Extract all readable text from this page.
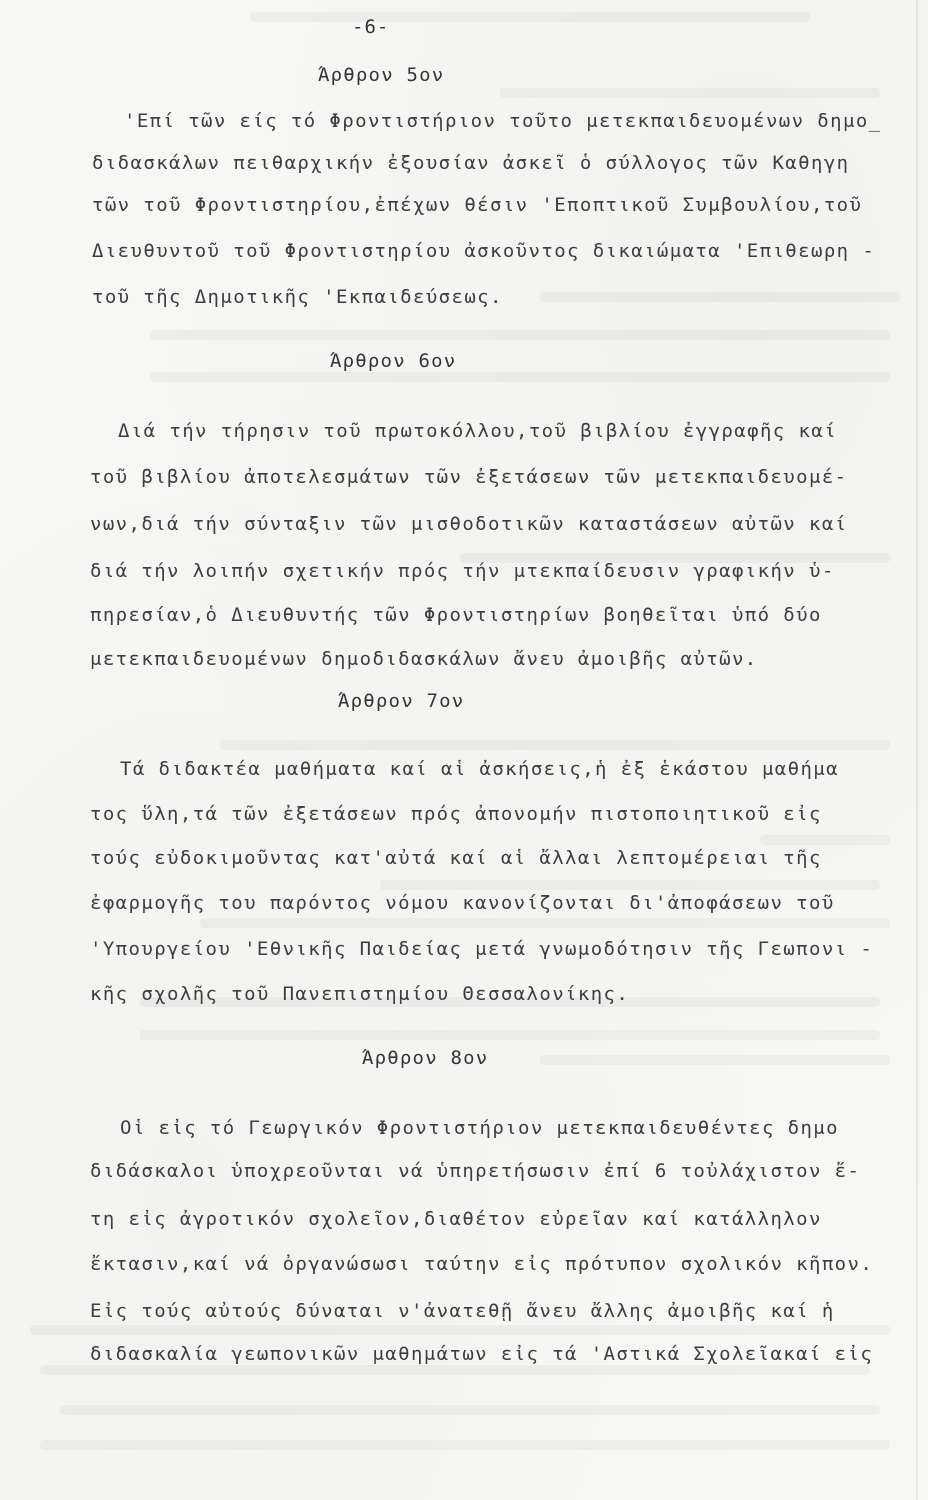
-6-
Άρθρον 5ον
'Επί τῶν είς τό Φροντιστήριον τοῦτο μετεκπαιδευομένων δημο_
διδασκάλων πειθαρχικήν ἐξουσίαν ἀσκεῖ ὁ σύλλογος τῶν Καθηγη
τῶν τοῦ Φροντιστηρίου,ἐπέχων θέσιν 'Εποπτικοῦ Συμβουλίου,τοῦ
Διευθυντοῦ τοῦ Φροντιστηρίου ἀσκοῦντος δικαιώματα 'Επιθεωρη -
τοῦ τῆς Δημοτικῆς 'Εκπαιδεύσεως.
Άρθρον 6ον
Διά τήν τήρησιν τοῦ πρωτοκόλλου,τοῦ βιβλίου ἐγγραφῆς καί
τοῦ βιβλίου ἀποτελεσμάτων τῶν ἐξετάσεων τῶν μετεκπαιδευομέ-
νων,διά τήν σύνταξιν τῶν μισθοδοτικῶν καταστάσεων αὐτῶν καί
διά τήν λοιπήν σχετικήν πρός τήν μτεκπαίδευσιν γραφικήν ὑ-
πηρεσίαν,ὁ Διευθυντής τῶν Φροντιστηρίων βοηθεῖται ὑπό δύο
μετεκπαιδευομένων δημοδιδασκάλων ἄνευ ἀμοιβῆς αὐτῶν.
Άρθρον 7ον
Τά διδακτέα μαθήματα καί αἱ ἀσκήσεις,ἡ ἐξ ἑκάστου μαθήμα
τος ὕλη,τά τῶν ἐξετάσεων πρός ἀπονομήν πιστοποιητικοῦ εἰς
τούς εὐδοκιμοῦντας κατ'αὐτά καί αἱ ἄλλαι λεπτομέρειαι τῆς
ἐφαρμογῆς του παρόντος νόμου κανονίζονται δι'ἀποφάσεων τοῦ
'Υπουργείου 'Εθνικῆς Παιδείας μετά γνωμοδότησιν τῆς Γεωπονι -
κῆς σχολῆς τοῦ Πανεπιστημίου Θεσσαλονίκης.
Άρθρον 8ον
Οἱ εἰς τό Γεωργικόν Φροντιστήριον μετεκπαιδευθέντες δημο
διδάσκαλοι ὑποχρεοῦνται νά ὑπηρετήσωσιν ἐπί 6 τοὐλάχιστον ἔ-
τη εἰς ἀγροτικόν σχολεῖον,διαθέτον εὐρεῖαν καί κατάλληλον
ἔκτασιν,καί νά ὀργανώσωσι ταύτην εἰς πρότυπον σχολικόν κῆπον.
Εἰς τούς αὐτούς δύναται ν'ἀνατεθῇ ἄνευ ἄλλης ἀμοιβῆς καί ἡ
διδασκαλία γεωπονικῶν μαθημάτων εἰς τά 'Αστικά Σχολεῖακαί εἰς
